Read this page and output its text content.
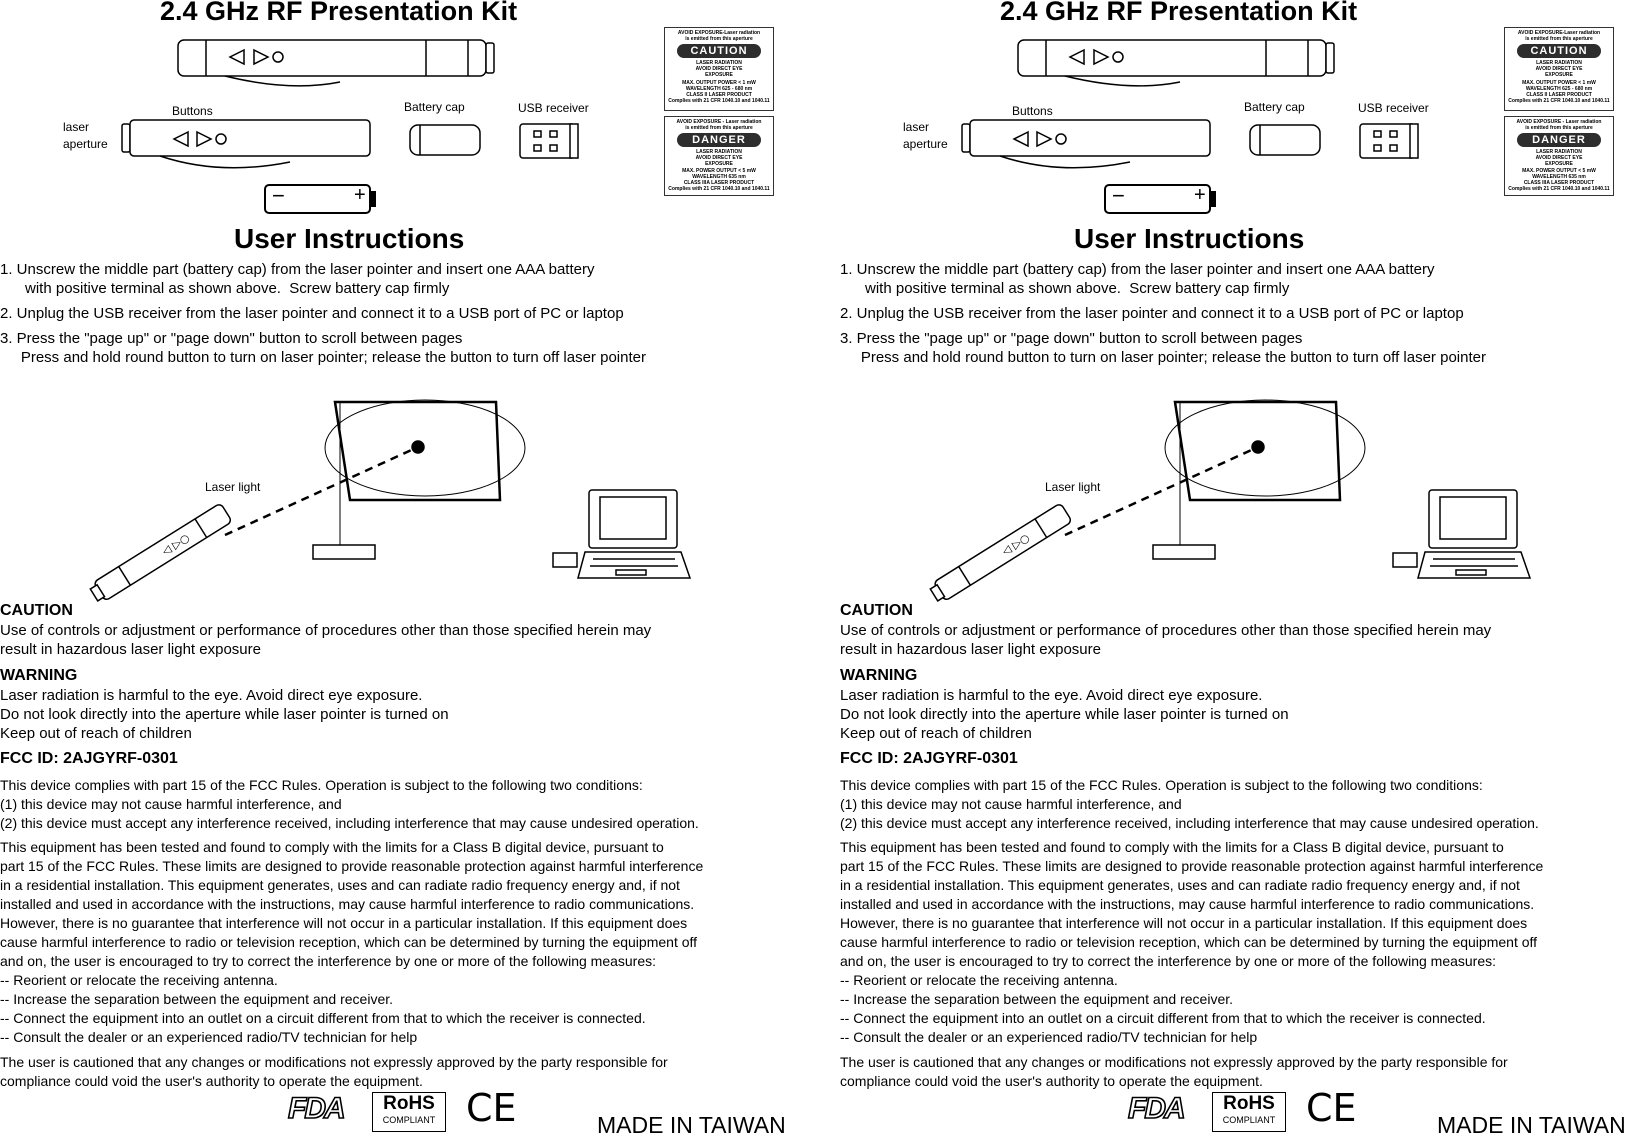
2.4 GHz RF Presentation Kit
◁ ▷○
Buttons	Battery cap	USB receiver
laser
aperture
−	+
Laser light
AVOID EXPOSURE-Laser radiation
is emitted from this aperture
CAUTION
LASER RADIATION
AVOID DIRECT EYE
EXPOSURE
MAX. OUTPUT POWER < 1 mW
WAVELENGTH 625 - 680 nm
CLASS II LASER PRODUCT
Complies with 21 CFR 1040.10 and 1040.11
AVOID EXPOSURE - Laser radiation
is emitted from this aperture
DANGER
LASER RADIATION
AVOID DIRECT EYE
EXPOSURE
MAX. POWER OUTPUT < 5 mW
WAVELENGTH 635 nm
CLASS IIIA LASER PRODUCT
Complies with 21 CFR 1040.10 and 1040.11
User Instructions
1. Unscrew the middle part (battery cap) from the laser pointer and insert one AAA battery
with positive terminal as shown above.  Screw battery cap firmly
2. Unplug the USB receiver from the laser pointer and connect it to a USB port of PC or laptop
3. Press the "page up" or "page down" button to scroll between pages
Press and hold round button to turn on laser pointer; release the button to turn off laser pointer
CAUTION
Use of controls or adjustment or performance of procedures other than those specified herein may
result in hazardous laser light exposure
WARNING
Laser radiation is harmful to the eye. Avoid direct eye exposure.
Do not look directly into the aperture while laser pointer is turned on
Keep out of reach of children
FCC ID: 2AJGYRF-0301
This device complies with part 15 of the FCC Rules. Operation is subject to the following two conditions:
(1) this device may not cause harmful interference, and
(2) this device must accept any interference received, including interference that may cause undesired operation.
This equipment has been tested and found to comply with the limits for a Class B digital device, pursuant to
part 15 of the FCC Rules. These limits are designed to provide reasonable protection against harmful interference
in a residential installation. This equipment generates, uses and can radiate radio frequency energy and, if not
installed and used in accordance with the instructions, may cause harmful interference to radio communications.
However, there is no guarantee that interference will not occur in a particular installation. If this equipment does
cause harmful interference to radio or television reception, which can be determined by turning the equipment off
and on, the user is encouraged to try to correct the interference by one or more of the following measures:
-- Reorient or relocate the receiving antenna.
-- Increase the separation between the equipment and receiver.
-- Connect the equipment into an outlet on a circuit different from that to which the receiver is connected.
-- Consult the dealer or an experienced radio/TV technician for help
The user is cautioned that any changes or modifications not expressly approved by the party responsible for
compliance could void the user's authority to operate the equipment.
FDA	RoHS
COMPLIANT CE	MADE IN TAIWAN
2.4 GHz RF Presentation Kit
◁ ▷○
Buttons	Battery cap	USB receiver
laser
aperture
−	+
Laser light
AVOID EXPOSURE-Laser radiation
is emitted from this aperture
CAUTION
LASER RADIATION
AVOID DIRECT EYE
EXPOSURE
MAX. OUTPUT POWER < 1 mW
WAVELENGTH 625 - 680 nm
CLASS II LASER PRODUCT
Complies with 21 CFR 1040.10 and 1040.11
AVOID EXPOSURE - Laser radiation
is emitted from this aperture
DANGER
LASER RADIATION
AVOID DIRECT EYE
EXPOSURE
MAX. POWER OUTPUT < 5 mW
WAVELENGTH 635 nm
CLASS IIIA LASER PRODUCT
Complies with 21 CFR 1040.10 and 1040.11
User Instructions
1. Unscrew the middle part (battery cap) from the laser pointer and insert one AAA battery
with positive terminal as shown above.  Screw battery cap firmly
2. Unplug the USB receiver from the laser pointer and connect it to a USB port of PC or laptop
3. Press the "page up" or "page down" button to scroll between pages
Press and hold round button to turn on laser pointer; release the button to turn off laser pointer
CAUTION
Use of controls or adjustment or performance of procedures other than those specified herein may
result in hazardous laser light exposure
WARNING
Laser radiation is harmful to the eye. Avoid direct eye exposure.
Do not look directly into the aperture while laser pointer is turned on
Keep out of reach of children
FCC ID: 2AJGYRF-0301
This device complies with part 15 of the FCC Rules. Operation is subject to the following two conditions:
(1) this device may not cause harmful interference, and
(2) this device must accept any interference received, including interference that may cause undesired operation.
This equipment has been tested and found to comply with the limits for a Class B digital device, pursuant to
part 15 of the FCC Rules. These limits are designed to provide reasonable protection against harmful interference
in a residential installation. This equipment generates, uses and can radiate radio frequency energy and, if not
installed and used in accordance with the instructions, may cause harmful interference to radio communications.
However, there is no guarantee that interference will not occur in a particular installation. If this equipment does
cause harmful interference to radio or television reception, which can be determined by turning the equipment off
and on, the user is encouraged to try to correct the interference by one or more of the following measures:
-- Reorient or relocate the receiving antenna.
-- Increase the separation between the equipment and receiver.
-- Connect the equipment into an outlet on a circuit different from that to which the receiver is connected.
-- Consult the dealer or an experienced radio/TV technician for help
The user is cautioned that any changes or modifications not expressly approved by the party responsible for
compliance could void the user's authority to operate the equipment.
FDA	RoHS
COMPLIANT CE	MADE IN TAIWAN
